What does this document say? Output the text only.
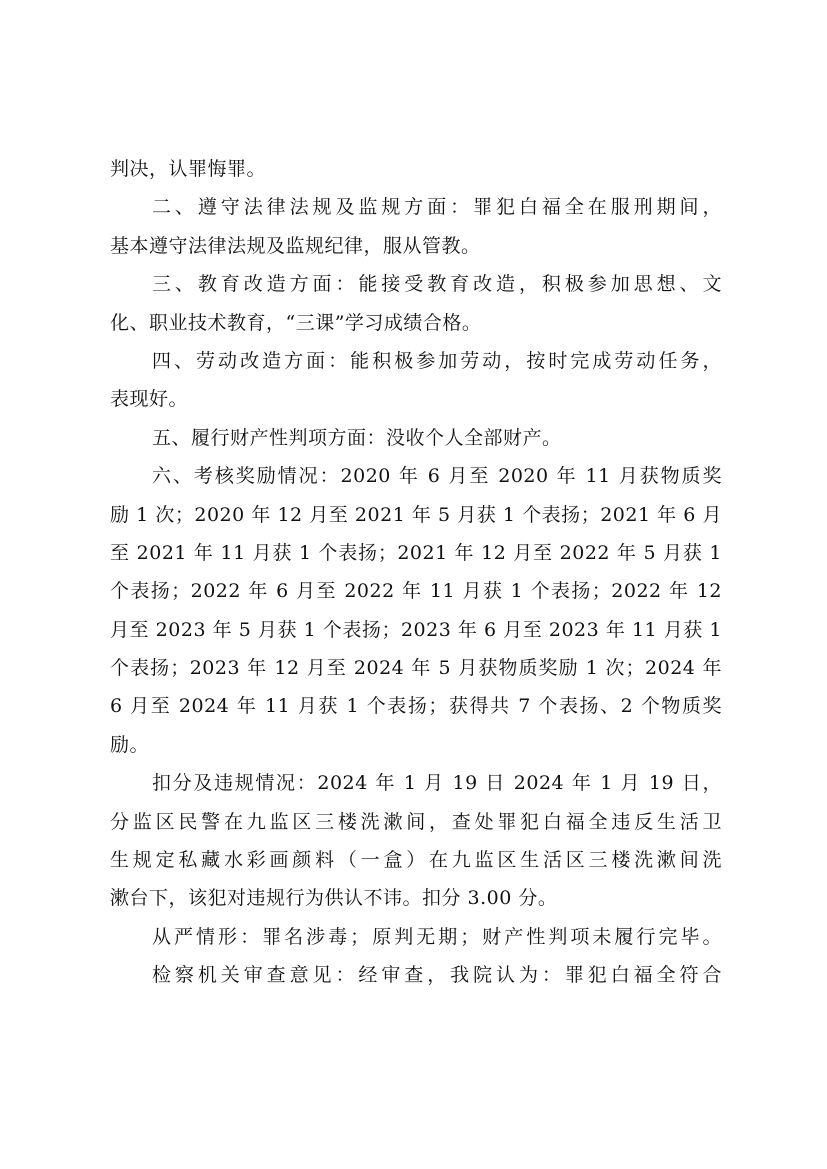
判决，认罪悔罪。
二、遵守法律法规及监规方面：罪犯白福全在服刑期间，
基本遵守法律法规及监规纪律，服从管教。
三、教育改造方面：能接受教育改造，积极参加思想、文
化、职业技术教育，“三课”学习成绩合格。
四、劳动改造方面：能积极参加劳动，按时完成劳动任务，
表现好。
五、履行财产性判项方面：没收个人全部财产。
六、考核奖励情况：2020 年 6 月至 2020 年 11 月获物质奖
励 1 次；2020 年 12 月至 2021 年 5 月获 1 个表扬；2021 年 6 月
至 2021 年 11 月获 1 个表扬；2021 年 12 月至 2022 年 5 月获 1
个表扬；2022 年 6 月至 2022 年 11 月获 1 个表扬；2022 年 12
月至 2023 年 5 月获 1 个表扬；2023 年 6 月至 2023 年 11 月获 1
个表扬；2023 年 12 月至 2024 年 5 月获物质奖励 1 次；2024 年
6 月至 2024 年 11 月获 1 个表扬；获得共 7 个表扬、2 个物质奖
励。
扣分及违规情况：2024 年 1 月 19 日 2024 年 1 月 19 日，
分监区民警在九监区三楼洗漱间，查处罪犯白福全违反生活卫
生规定私藏水彩画颜料（一盒）在九监区生活区三楼洗漱间洗
漱台下，该犯对违规行为供认不讳。扣分 3.00 分。
从严情形：罪名涉毒；原判无期；财产性判项未履行完毕。
检察机关审查意见：经审查，我院认为：罪犯白福全符合
